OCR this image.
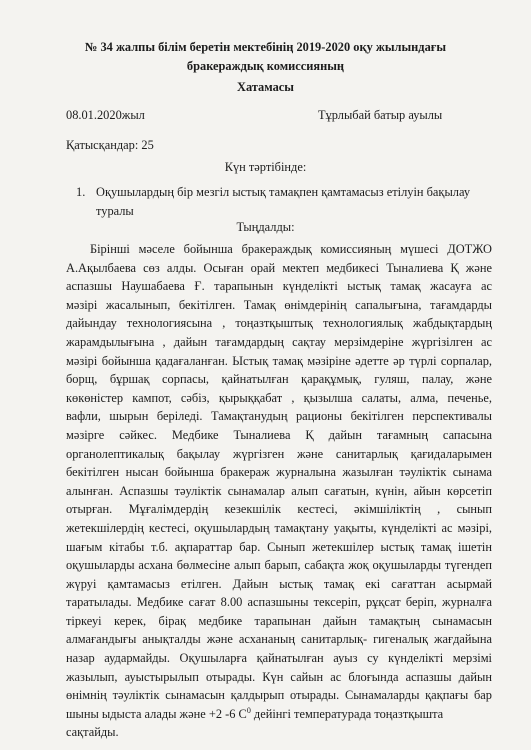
№ 34 жалпы білім беретін мектебінің 2019-2020 оқу жылындағы
бракераждық комиссияның
Хатамасы
08.01.2020жыл	Тұрлыбай батыр ауылы
Қатысқандар: 25
Күн тәртібінде:
1. Оқушылардың бір мезгіл ыстық тамақпен қамтамасыз етілуін бақылау
туралы
Тыңдалды:
Бірінші мәселе бойынша бракераждық комиссияның мүшесі ДОТЖО
А.Ақылбаева сөз алды. Осыған орай мектеп медбикесі Тыналиева Қ және
аспазшы Наушабаева Ғ. тарапынын күнделікті ыстық тамақ жасауға ас
мәзірі жасалынып, бекітілген. Тамақ өнімдерінің сапалығына, тағамдарды
дайындау технологиясына , тоңазтқыштық технологиялық жабдықтардың
жарамдылығына , дайын тағамдардың сақтау мерзімдеріне жүргізілген ас
мәзірі бойынша қадағаланған. Ыстық тамақ мәзіріне әдетте әр түрлі сорпалар,
борщ, бұршақ сорпасы, қайнатылған қарақұмық, гуляш, палау, және
көкөністер кампот, сәбіз, қырыққабат , қызылша салаты, алма, печенье,
вафли, шырын беріледі. Тамақтанудың рационы бекітілген перспективалы
мәзірге сәйкес. Медбике Тыналиева Қ дайын тағамның сапасына
органолептикалық бақылау жүргізген және санитарлық қағидаларымен
бекітілген нысан бойынша бракераж журналына жазылған тәуліктік сынама
алынған. Аспазшы тәуліктік сынамалар алып сағатын, күнін, айын көрсетіп
отырған. Мұғалімдердің кезекшілік кестесі, әкімшіліктің , сынып
жетекшілердің кестесі, оқушылардың тамақтану уақыты, күнделікті ас мәзірі,
шағым кітабы т.б. ақпараттар бар. Сынып жетекшілер ыстық тамақ ішетін
оқушыларды асхана бөлмесіне алып барып, сабақта жоқ оқушыларды түгендеп
жүруі қамтамасыз етілген. Дайын ыстық тамақ екі сағаттан асырмай
таратылады. Медбике сағат 8.00 аспазшыны тексеріп, рұқсат беріп, журналға
тіркеуі керек, бірақ медбике тарапынан дайын тамақтың сынамасын
алмағандығы анықталды және асхананың санитарлық- гигеналық жағдайына
назар аудармайды. Оқушыларға қайнатылған ауыз су күнделікті мерзімі
жазылып, ауыстырылып отырады. Күн сайын ас блоғында аспазшы дайын
өнімнің тәуліктік сынамасын қалдырып отырады. Сынамаларды қақпағы бар
шыны ыдыста алады және +2 -6 $С^0$ дейінгі температурада тоңазтқышта
сақтайды.
